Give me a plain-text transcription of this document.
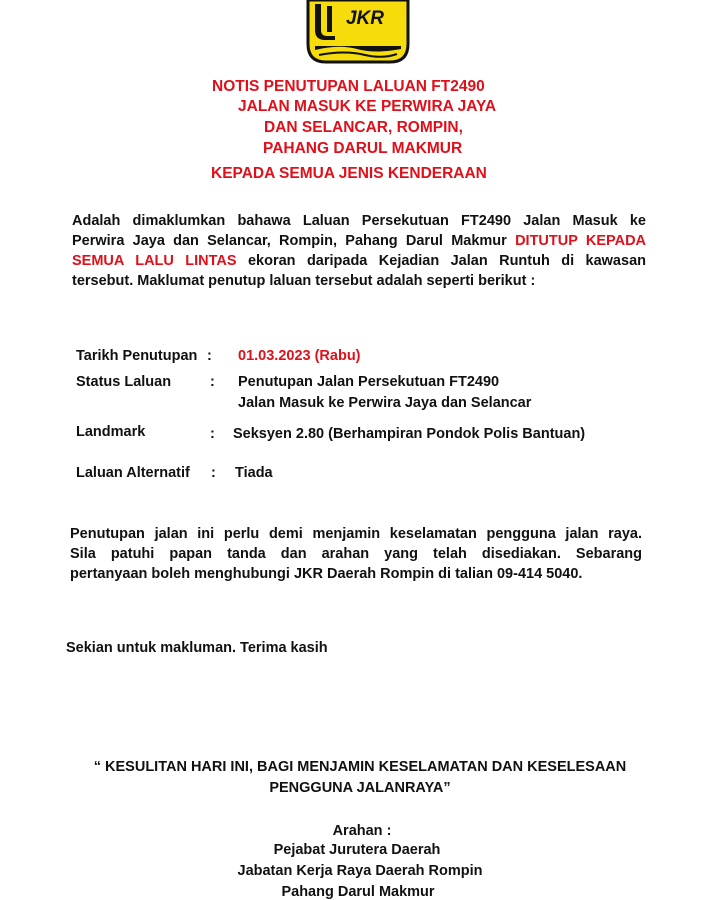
JKR
NOTIS PENUTUPAN LALUAN FT2490
JALAN MASUK KE PERWIRA JAYA
DAN SELANCAR, ROMPIN,
PAHANG DARUL MAKMUR
KEPADA SEMUA JENIS KENDERAAN
Adalah dimaklumkan bahawa Laluan Persekutuan FT2490 Jalan Masuk ke
Perwira Jaya dan Selancar, Rompin, Pahang Darul Makmur DITUTUP KEPADA
SEMUA LALU LINTAS ekoran daripada Kejadian Jalan Runtuh di kawasan
tersebut. Maklumat penutup laluan tersebut adalah seperti berikut :
Tarikh Penutupan : 01.03.2023 (Rabu)
Status Laluan	: Penutupan Jalan Persekutuan FT2490
Jalan Masuk ke Perwira Jaya dan Selancar
Landmark	: Seksyen 2.80 (Berhampiran Pondok Polis Bantuan)
Laluan Alternatif : Tiada
Penutupan jalan ini perlu demi menjamin keselamatan pengguna jalan raya.
Sila patuhi papan tanda dan arahan yang telah disediakan. Sebarang
pertanyaan boleh menghubungi JKR Daerah Rompin di talian 09-414 5040.
Sekian untuk makluman. Terima kasih
“ KESULITAN HARI INI, BAGI MENJAMIN KESELAMATAN DAN KESELESAAN
PENGGUNA JALANRAYA”
Arahan :
Pejabat Jurutera Daerah
Jabatan Kerja Raya Daerah Rompin
Pahang Darul Makmur
